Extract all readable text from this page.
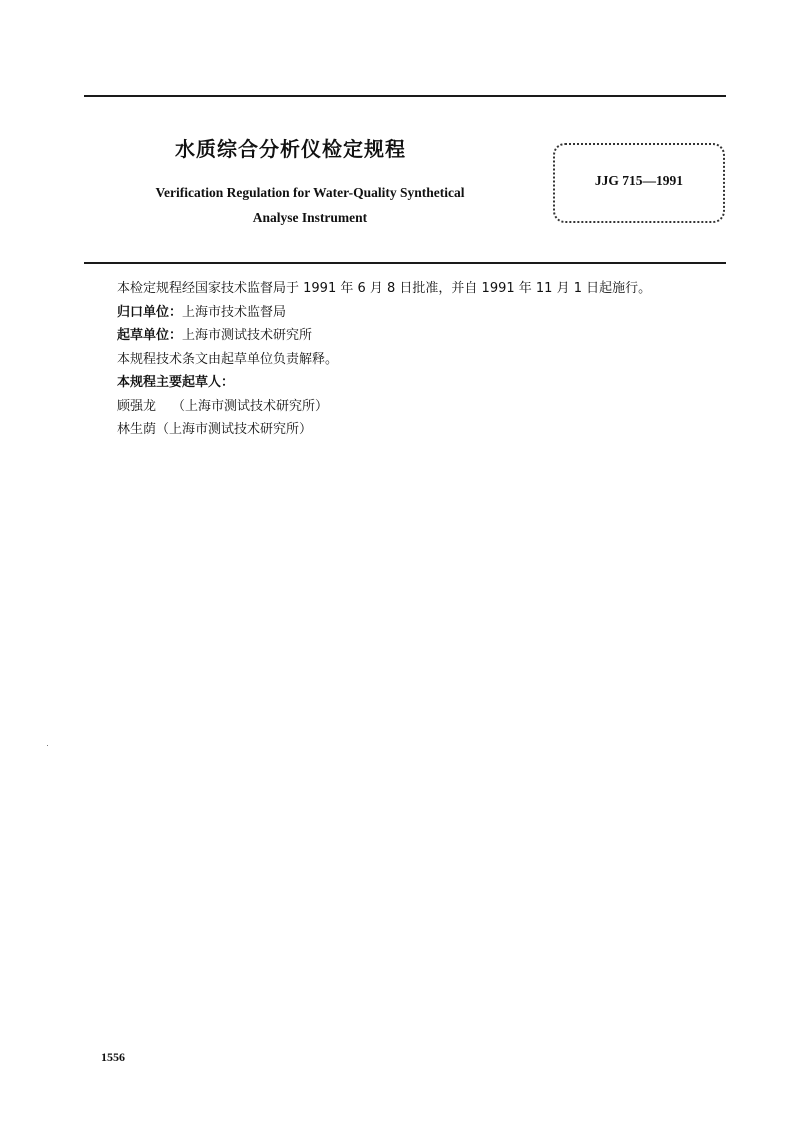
水质综合分析仪检定规程
Verification Regulation for Water-Quality Synthetical
Analyse Instrument
JJG 715—1991
本检定规程经国家技术监督局于 1991 年 6 月 8 日批准，并自 1991 年 11 月 1 日起施行。
归口单位：上海市技术监督局
起草单位：上海市测试技术研究所
本规程技术条文由起草单位负责解释。
本规程主要起草人：
顾强龙 （上海市测试技术研究所）
林生荫（上海市测试技术研究所）
1556
